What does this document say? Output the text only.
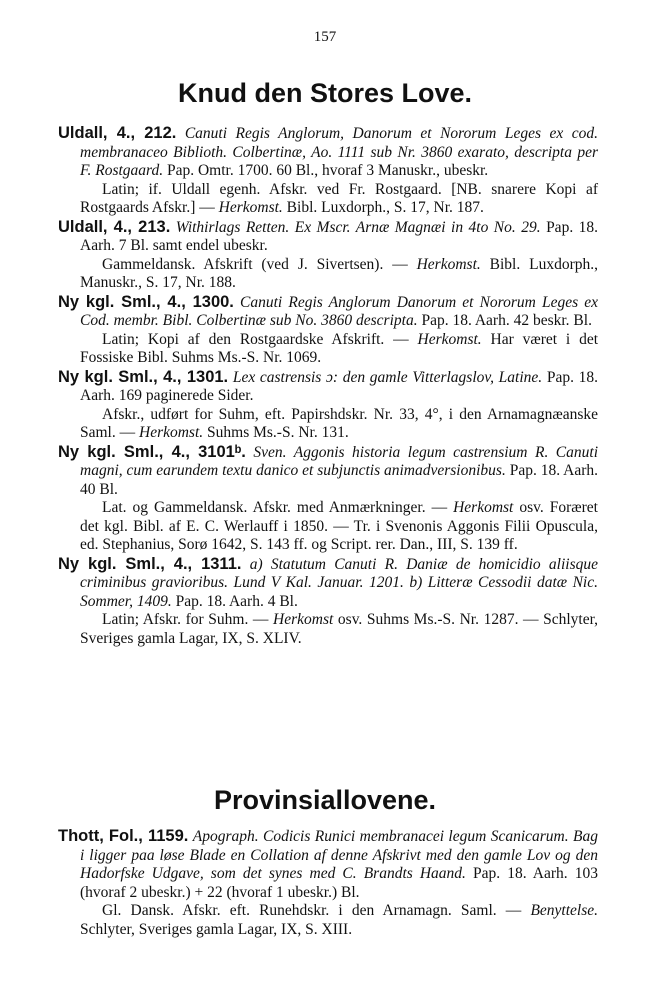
157
Knud den Stores Love.

Uldall, 4., 212. Canuti Regis Anglorum, Danorum et Nororum Leges ex cod. membranaceo Biblioth. Colbertinæ, Ao. 1111 sub Nr. 3860 exarato, descripta per F. Rostgaard. Pap. Omtr. 1700. 60 Bl., hvoraf 3 Manuskr., ubeskr.

Latin; if. Uldall egenh. Afskr. ved Fr. Rostgaard. [NB. snarere Kopi af Rostgaards Afskr.] — Herkomst. Bibl. Luxdorph., S. 17, Nr. 187.

Uldall, 4., 213. Withirlags Retten. Ex Mscr. Arnæ Magnæi in 4to No. 29. Pap. 18. Aarh. 7 Bl. samt endel ubeskr.

Gammeldansk. Afskrift (ved J. Sivertsen). — Herkomst. Bibl. Luxdorph., Manuskr., S. 17, Nr. 188.

Ny kgl. Sml., 4., 1300. Canuti Regis Anglorum Danorum et Nororum Leges ex Cod. membr. Bibl. Colbertinæ sub No. 3860 descripta. Pap. 18. Aarh. 42 beskr. Bl.

Latin; Kopi af den Rostgaardske Afskrift. — Herkomst. Har været i det Fossiske Bibl. Suhms Ms.-S. Nr. 1069.

Ny kgl. Sml., 4., 1301. Lex castrensis ɔ: den gamle Vitterlagslov, Latine. Pap. 18. Aarh. 169 paginerede Sider.

Afskr., udført for Suhm, eft. Papirshdskr. Nr. 33, 4°, i den Arnamagnæanske Saml. — Herkomst. Suhms Ms.-S. Nr. 131.

Ny kgl. Sml., 4., 3101ᵇ. Sven. Aggonis historia legum castrensium R. Canuti magni, cum earundem textu danico et subjunctis animadversionibus. Pap. 18. Aarh. 40 Bl.

Lat. og Gammeldansk. Afskr. med Anmærkninger. — Herkomst osv. Foræret det kgl. Bibl. af E. C. Werlauff i 1850. — Tr. i Svenonis Aggonis Filii Opuscula, ed. Stephanius, Sorø 1642, S. 143 ff. og Script. rer. Dan., III, S. 139 ff.

Ny kgl. Sml., 4., 1311. a) Statutum Canuti R. Daniæ de homicidio aliisque criminibus gravioribus. Lund V Kal. Januar. 1201. b) Litteræ Cessodii datæ Nic. Sommer, 1409. Pap. 18. Aarh. 4 Bl.

Latin; Afskr. for Suhm. — Herkomst osv. Suhms Ms.-S. Nr. 1287. — Schlyter, Sveriges gamla Lagar, IX, S. XLIV.

Provinsiallovene.

Thott, Fol., 1159. Apograph. Codicis Runici membranacei legum Scanicarum. Bag i ligger paa løse Blade en Collation af denne Afskrivt med den gamle Lov og den Hadorfske Udgave, som det synes med C. Brandts Haand. Pap. 18. Aarh. 103 (hvoraf 2 ubeskr.) + 22 (hvoraf 1 ubeskr.) Bl.

Gl. Dansk. Afskr. eft. Runehdskr. i den Arnamagn. Saml. — Benyttelse. Schlyter, Sveriges gamla Lagar, IX, S. XIII.
